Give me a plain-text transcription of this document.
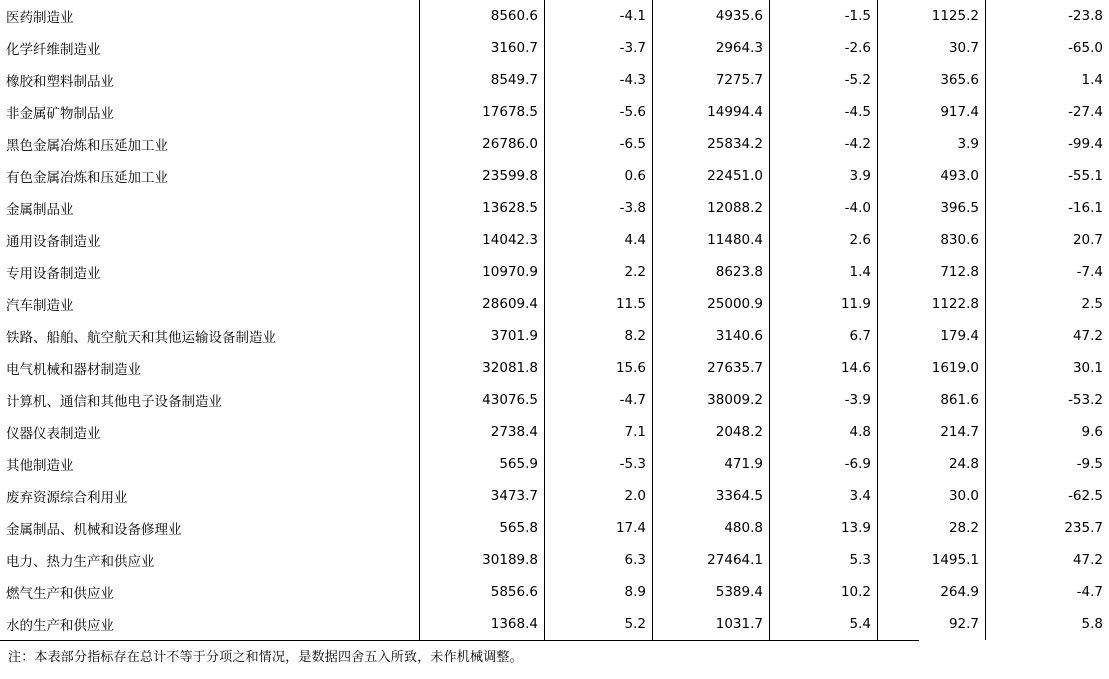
医药制造业	8560.6	-4.1	4935.6	-1.5	1125.2	-23.8
化学纤维制造业	3160.7	-3.7	2964.3	-2.6	30.7	-65.0
橡胶和塑料制品业	8549.7	-4.3	7275.7	-5.2	365.6	1.4
非金属矿物制品业	17678.5	-5.6	14994.4	-4.5	917.4	-27.4
黑色金属冶炼和压延加工业	26786.0	-6.5	25834.2	-4.2	3.9	-99.4
有色金属冶炼和压延加工业	23599.8	0.6	22451.0	3.9	493.0	-55.1
金属制品业	13628.5	-3.8	12088.2	-4.0	396.5	-16.1
通用设备制造业	14042.3	4.4	11480.4	2.6	830.6	20.7
专用设备制造业	10970.9	2.2	8623.8	1.4	712.8	-7.4
汽车制造业	28609.4	11.5	25000.9	11.9	1122.8	2.5
铁路、船舶、航空航天和其他运输设备制造业	3701.9	8.2	3140.6	6.7	179.4	47.2
电气机械和器材制造业	32081.8	15.6	27635.7	14.6	1619.0	30.1
计算机、通信和其他电子设备制造业	43076.5	-4.7	38009.2	-3.9	861.6	-53.2
仪器仪表制造业	2738.4	7.1	2048.2	4.8	214.7	9.6
其他制造业	565.9	-5.3	471.9	-6.9	24.8	-9.5
废弃资源综合利用业	3473.7	2.0	3364.5	3.4	30.0	-62.5
金属制品、机械和设备修理业	565.8	17.4	480.8	13.9	28.2	235.7
电力、热力生产和供应业	30189.8	6.3	27464.1	5.3	1495.1	47.2
燃气生产和供应业	5856.6	8.9	5389.4	10.2	264.9	-4.7
水的生产和供应业	1368.4	5.2	1031.7	5.4	92.7	5.8
注：本表部分指标存在总计不等于分项之和情况，是数据四舍五入所致，未作机械调整。
